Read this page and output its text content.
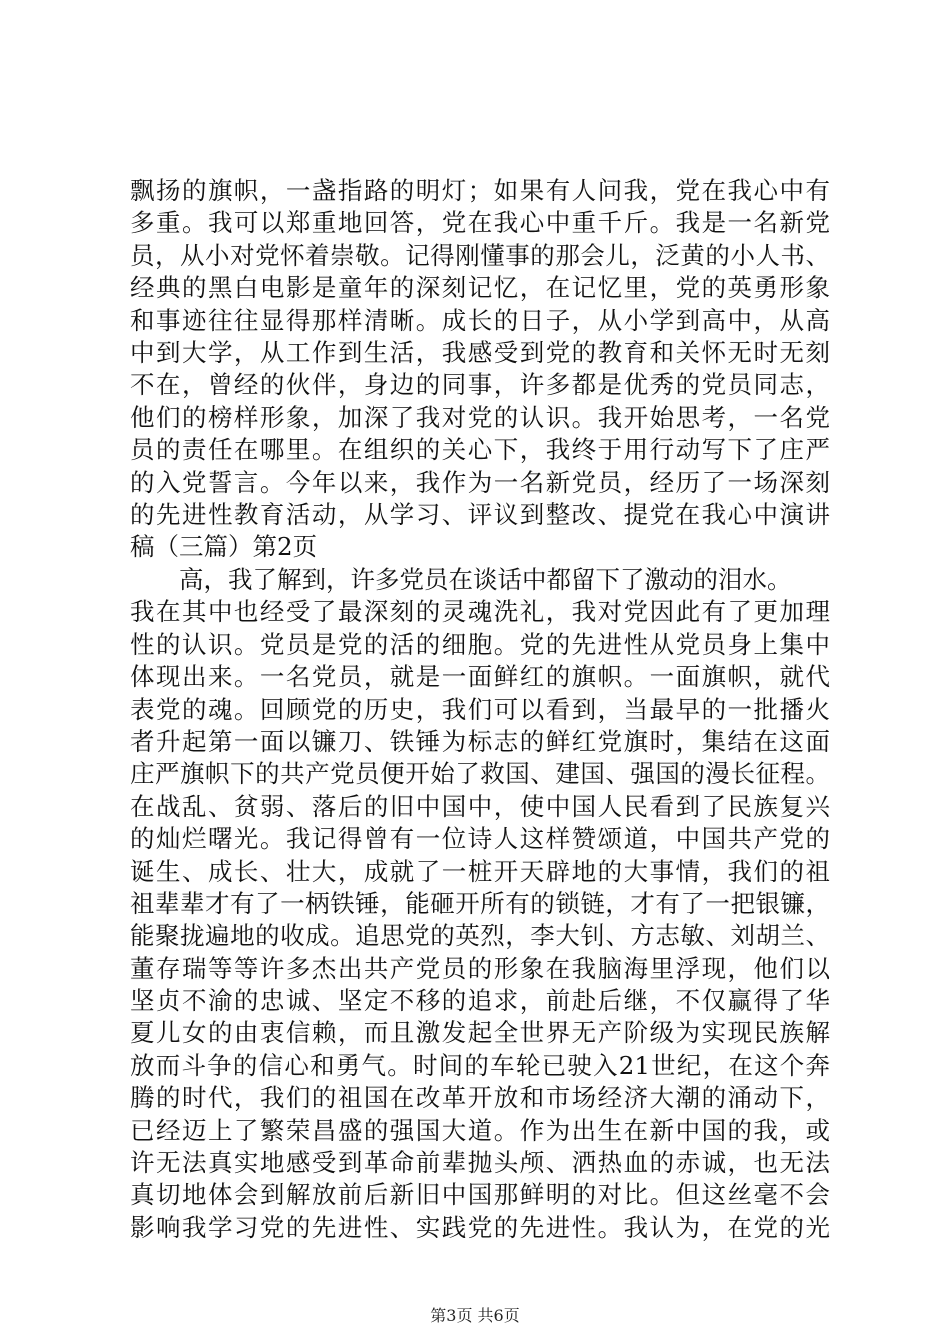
飘扬的旗帜，一盏指路的明灯；如果有人问我，党在我心中有
多重。我可以郑重地回答，党在我心中重千斤。我是一名新党
员，从小对党怀着崇敬。记得刚懂事的那会儿，泛黄的小人书、
经典的黑白电影是童年的深刻记忆，在记忆里，党的英勇形象
和事迹往往显得那样清晰。成长的日子，从小学到高中，从高
中到大学，从工作到生活，我感受到党的教育和关怀无时无刻
不在，曾经的伙伴，身边的同事，许多都是优秀的党员同志，
他们的榜样形象，加深了我对党的认识。我开始思考，一名党
员的责任在哪里。在组织的关心下，我终于用行动写下了庄严
的入党誓言。今年以来，我作为一名新党员，经历了一场深刻
的先进性教育活动，从学习、评议到整改、提党在我心中演讲
稿（三篇）第2页
高，我了解到，许多党员在谈话中都留下了激动的泪水。
我在其中也经受了最深刻的灵魂洗礼，我对党因此有了更加理
性的认识。党员是党的活的细胞。党的先进性从党员身上集中
体现出来。一名党员，就是一面鲜红的旗帜。一面旗帜，就代
表党的魂。回顾党的历史，我们可以看到，当最早的一批播火
者升起第一面以镰刀、铁锤为标志的鲜红党旗时，集结在这面
庄严旗帜下的共产党员便开始了救国、建国、强国的漫长征程。
在战乱、贫弱、落后的旧中国中，使中国人民看到了民族复兴
的灿烂曙光。我记得曾有一位诗人这样赞颂道，中国共产党的
诞生、成长、壮大，成就了一桩开天辟地的大事情，我们的祖
祖辈辈才有了一柄铁锤，能砸开所有的锁链，才有了一把银镰，
能聚拢遍地的收成。追思党的英烈，李大钊、方志敏、刘胡兰、
董存瑞等等许多杰出共产党员的形象在我脑海里浮现，他们以
坚贞不渝的忠诚、坚定不移的追求，前赴后继，不仅赢得了华
夏儿女的由衷信赖，而且激发起全世界无产阶级为实现民族解
放而斗争的信心和勇气。时间的车轮已驶入21世纪，在这个奔
腾的时代，我们的祖国在改革开放和市场经济大潮的涌动下，
已经迈上了繁荣昌盛的强国大道。作为出生在新中国的我，或
许无法真实地感受到革命前辈抛头颅、洒热血的赤诚，也无法
真切地体会到解放前后新旧中国那鲜明的对比。但这丝毫不会
影响我学习党的先进性、实践党的先进性。我认为，在党的光
第3页 共6页
